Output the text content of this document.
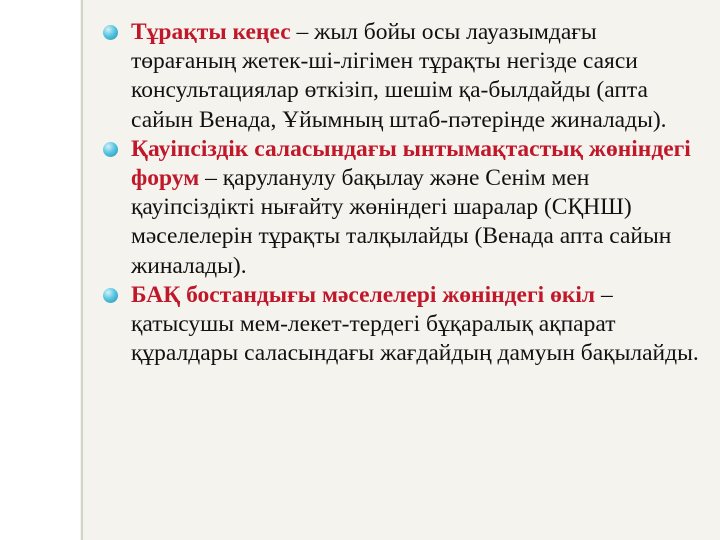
Тұрақты кеңес – жыл бойы осы лауазымдағы төрағаның жетек-ші-лігімен тұрақты негізде саяси консультациялар өткізіп, шешім қа-былдайды (апта сайын Венада, Ұйымның штаб-пәтерінде жиналады).
Қауіпсіздік саласындағы ынтымақтастық жөніндегі форум – қаруланулу бақылау және Сенім мен қауіпсіздікті нығайту жөніндегі шаралар (СҚНШ) мәселелерін тұрақты талқылайды (Венада апта сайын жиналады).
БАҚ бостандығы мәселелері жөніндегі өкіл – қатысушы мем-лекет-тердегі бұқаралық ақпарат құралдары саласындағы жағдайдың дамуын бақылайды.
